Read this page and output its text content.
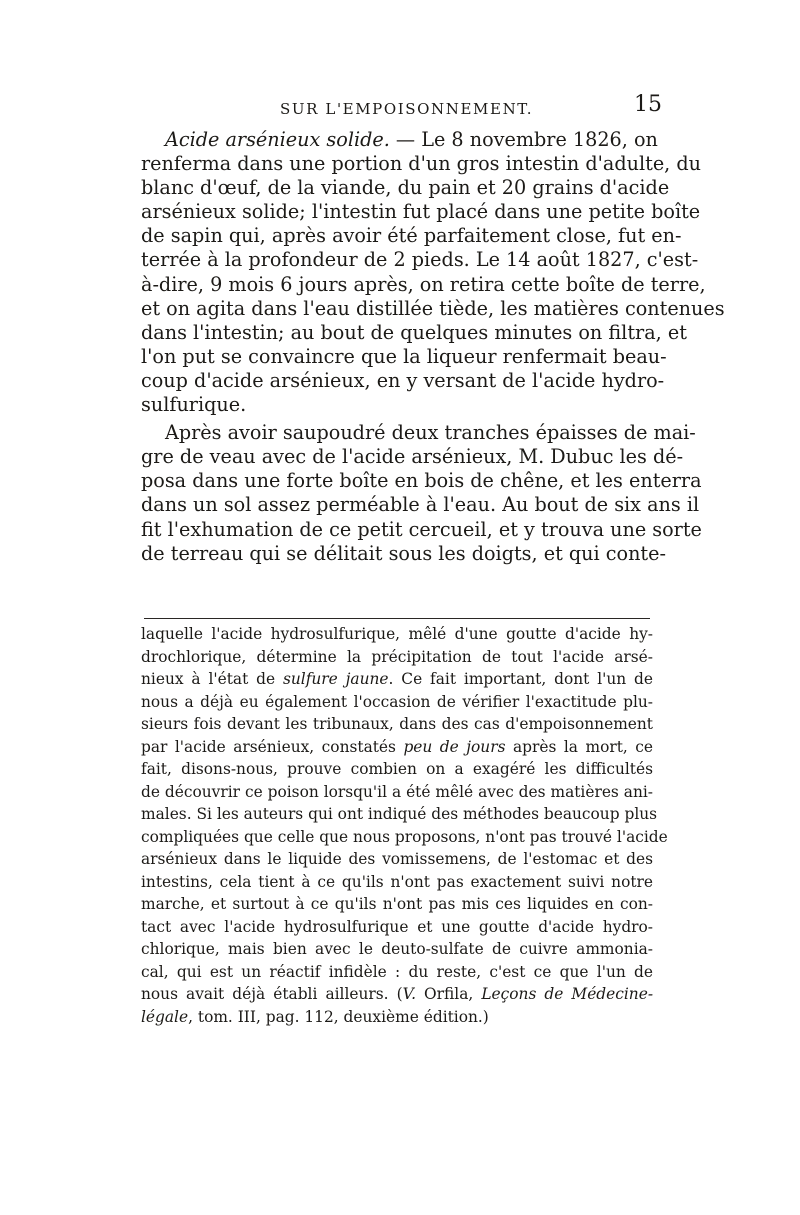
SUR L'EMPOISONNEMENT.	15
Acide arsénieux solide. — Le 8 novembre 1826, on
renferma dans une portion d'un gros intestin d'adulte, du
blanc d'œuf, de la viande, du pain et 20 grains d'acide
arsénieux solide; l'intestin fut placé dans une petite boîte
de sapin qui, après avoir été parfaitement close, fut en-
terrée à la profondeur de 2 pieds. Le 14 août 1827, c'est-
à-dire, 9 mois 6 jours après, on retira cette boîte de terre,
et on agita dans l'eau distillée tiède, les matières contenues
dans l'intestin; au bout de quelques minutes on filtra, et
l'on put se convaincre que la liqueur renfermait beau-
coup d'acide arsénieux, en y versant de l'acide hydro-
sulfurique.
Après avoir saupoudré deux tranches épaisses de mai-
gre de veau avec de l'acide arsénieux, M. Dubuc les dé-
posa dans une forte boîte en bois de chêne, et les enterra
dans un sol assez perméable à l'eau. Au bout de six ans il
fit l'exhumation de ce petit cercueil, et y trouva une sorte
de terreau qui se délitait sous les doigts, et qui conte-
laquelle l'acide hydrosulfurique, mêlé d'une goutte d'acide hy-
drochlorique, détermine la précipitation de tout l'acide arsé-
nieux à l'état de sulfure jaune. Ce fait important, dont l'un de
nous a déjà eu également l'occasion de vérifier l'exactitude plu-
sieurs fois devant les tribunaux, dans des cas d'empoisonnement
par l'acide arsénieux, constatés peu de jours après la mort, ce
fait, disons-nous, prouve combien on a exagéré les difficultés
de découvrir ce poison lorsqu'il a été mêlé avec des matières ani-
males. Si les auteurs qui ont indiqué des méthodes beaucoup plus
compliquées que celle que nous proposons, n'ont pas trouvé l'acide
arsénieux dans le liquide des vomissemens, de l'estomac et des
intestins, cela tient à ce qu'ils n'ont pas exactement suivi notre
marche, et surtout à ce qu'ils n'ont pas mis ces liquides en con-
tact avec l'acide hydrosulfurique et une goutte d'acide hydro-
chlorique, mais bien avec le deuto-sulfate de cuivre ammonia-
cal, qui est un réactif infidèle : du reste, c'est ce que l'un de
nous avait déjà établi ailleurs. (V. Orfila, Leçons de Médecine-
légale, tom. III, pag. 112, deuxième édition.)
